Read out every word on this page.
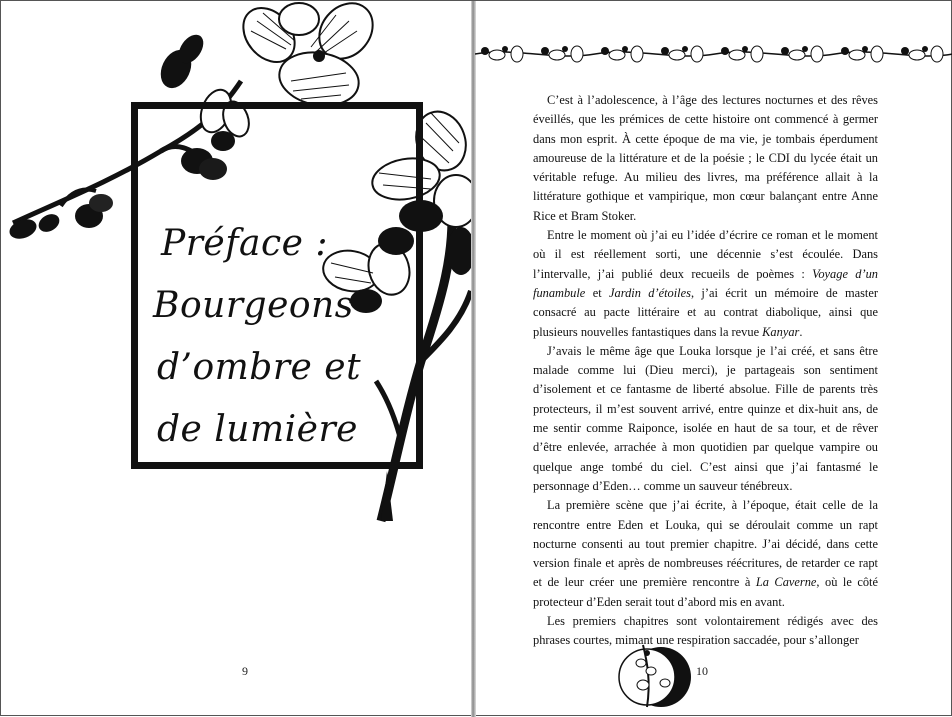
Préface :
Bourgeons
d’ombre et
de lumière
9

C’est à l’adolescence, à l’âge des lectures nocturnes et des rêves éveillés, que les prémices de cette histoire ont commencé à germer dans mon esprit. À cette époque de ma vie, je tombais éperdument amoureuse de la littérature et de la poésie ; le CDI du lycée était un véritable refuge. Au milieu des livres, ma préférence allait à la littérature gothique et vampirique, mon cœur balançant entre Anne Rice et Bram Stoker.

Entre le moment où j’ai eu l’idée d’écrire ce roman et le moment où il est réellement sorti, une décennie s’est écoulée. Dans l’intervalle, j’ai publié deux recueils de poèmes : Voyage d’un funambule et Jardin d’étoiles, j’ai écrit un mémoire de master consacré au pacte littéraire et au contrat diabolique, ainsi que plusieurs nouvelles fantastiques dans la revue Kanyar.

J’avais le même âge que Louka lorsque je l’ai créé, et sans être malade comme lui (Dieu merci), je partageais son sentiment d’isolement et ce fantasme de liberté absolue. Fille de parents très protecteurs, il m’est souvent arrivé, entre quinze et dix-huit ans, de me sentir comme Raiponce, isolée en haut de sa tour, et de rêver d’être enlevée, arrachée à mon quotidien par quelque vampire ou quelque ange tombé du ciel. C’est ainsi que j’ai fantasmé le personnage d’Eden… comme un sauveur ténébreux.

La première scène que j’ai écrite, à l’époque, était celle de la rencontre entre Eden et Louka, qui se déroulait comme un rapt nocturne consenti au tout premier chapitre. J’ai décidé, dans cette version finale et après de nombreuses réécritures, de retarder ce rapt et de leur créer une première rencontre à La Caverne, où le côté protecteur d’Eden serait tout d’abord mis en avant.

Les premiers chapitres sont volontairement rédigés avec des phrases courtes, mimant une respiration saccadée, pour s’allonger

10
